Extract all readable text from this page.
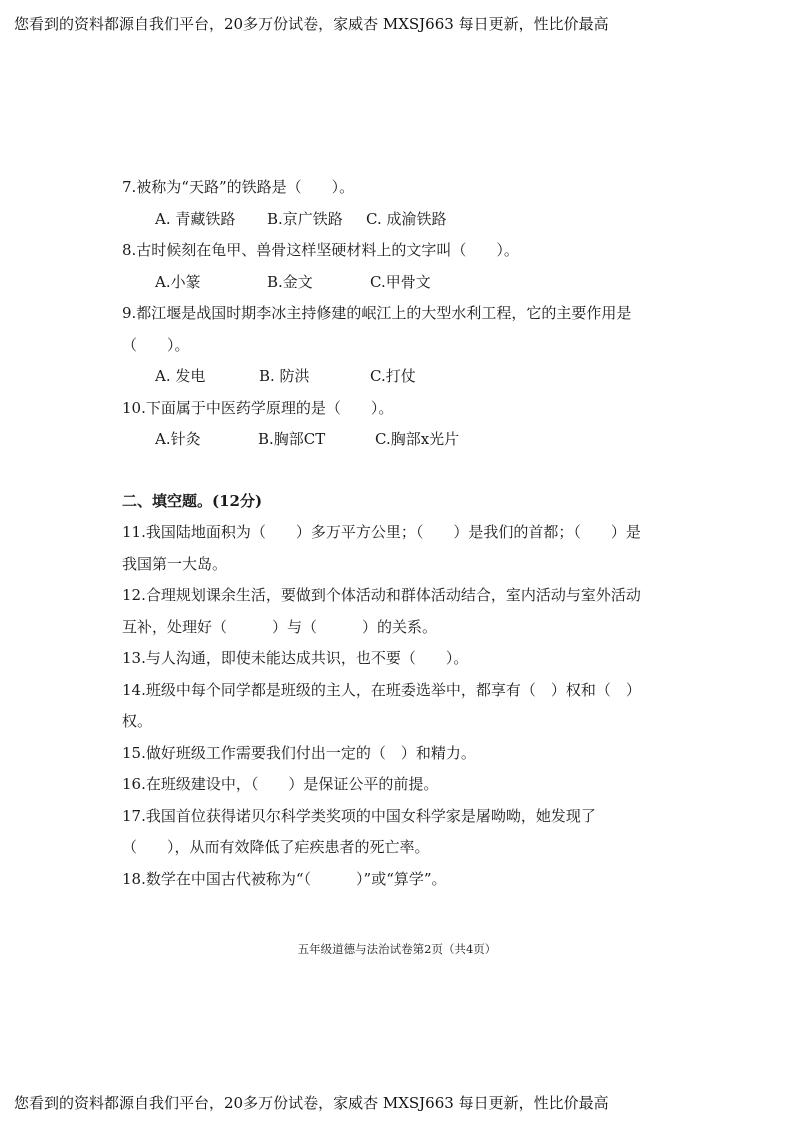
您看到的资料都源自我们平台，20多万份试卷，家威杏 MXSJ663 每日更新，性比价最高
7.被称为“天路”的铁路是（　　）。
A. 青藏铁路 B.京广铁路 C. 成渝铁路
8.古时候刻在龟甲、兽骨这样坚硬材料上的文字叫（　　）。
A.小篆	B.金文	C.甲骨文
9.都江堰是战国时期李冰主持修建的岷江上的大型水利工程，它的主要作用是
（　　）。
A. 发电	B. 防洪	C.打仗
10.下面属于中医药学原理的是（　　）。
A.针灸	B.胸部CT	C.胸部x光片
二、填空题。(12分)
11.我国陆地面积为（　　）多万平方公里；（　　）是我们的首都；（　　）是
我国第一大岛。
12.合理规划课余生活，要做到个体活动和群体活动结合，室内活动与室外活动
互补，处理好（　　　）与（　　　）的关系。
13.与人沟通，即使未能达成共识，也不要（　　）。
14.班级中每个同学都是班级的主人，在班委选举中，都享有（　）权和（　）
权。
15.做好班级工作需要我们付出一定的（　）和精力。
16.在班级建设中，（　　）是保证公平的前提。
17.我国首位获得诺贝尔科学类奖项的中国女科学家是屠呦呦，她发现了
（　　），从而有效降低了疟疾患者的死亡率。
18.数学在中国古代被称为“（　　　）”或“算学”。
五年级道德与法治试卷第2页（共4页）
您看到的资料都源自我们平台，20多万份试卷，家威杏 MXSJ663 每日更新，性比价最高
